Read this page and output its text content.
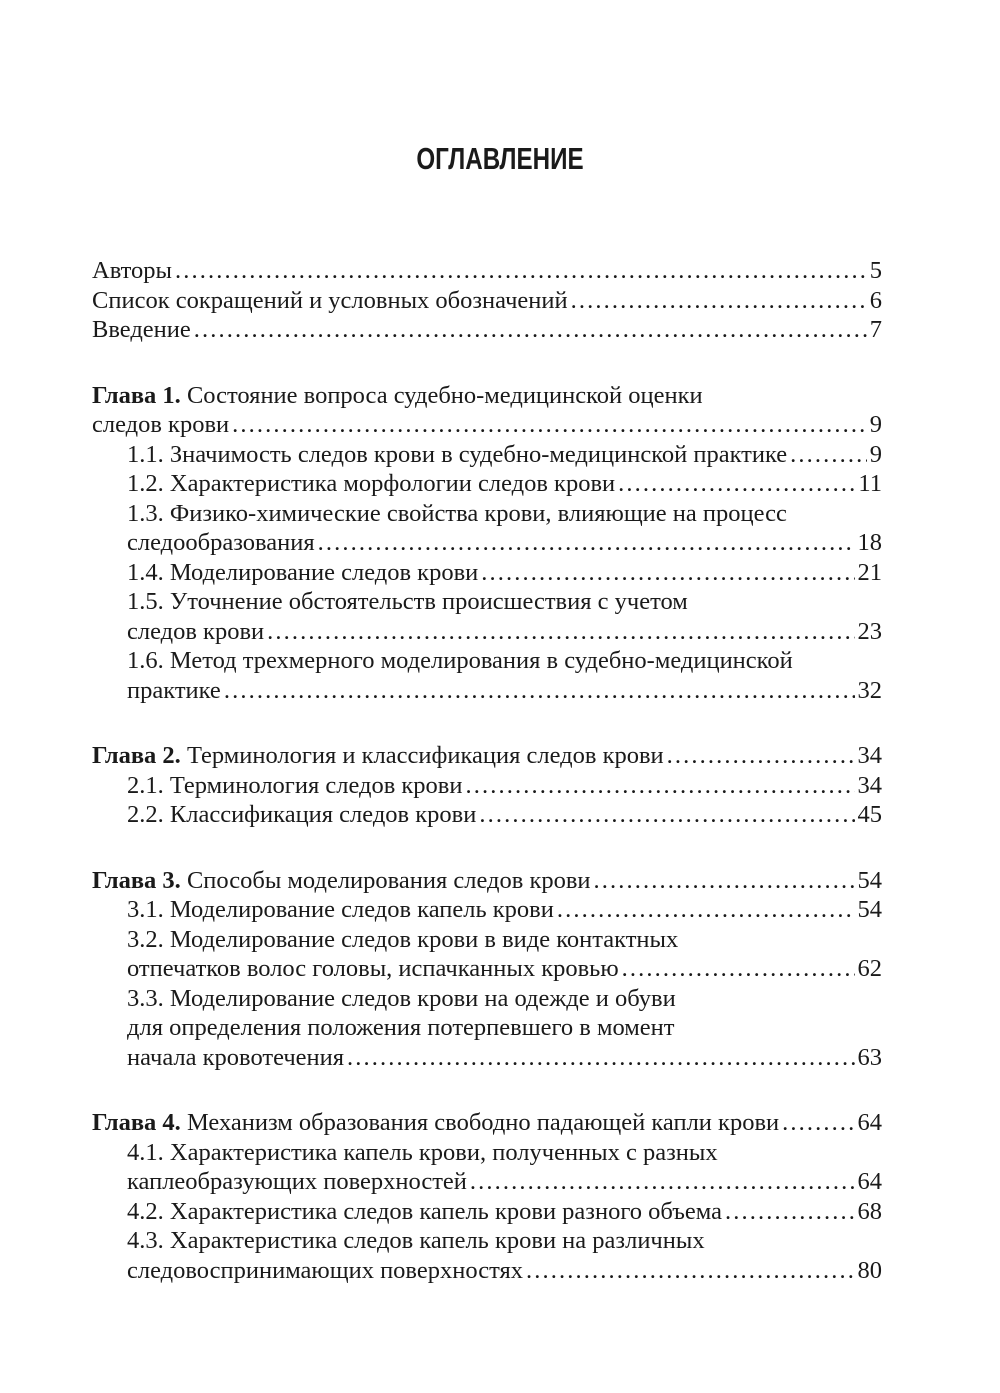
ОГЛАВЛЕНИЕ
Авторы . . .	5
Список сокращений и условных обозначений . . .	6
Введение . . .	7
Глава 1. Состояние вопроса судебно-медицинской оценки
следов крови . . .	9
1.1. Значимость следов крови в судебно-медицинской практике . . .	9
1.2. Характеристика морфологии следов крови . . .	11
1.3. Физико-химические свойства крови, влияющие на процесс
следообразования . . .	18
1.4. Моделирование следов крови . . .	21
1.5. Уточнение обстоятельств происшествия с учетом
следов крови . . .	23
1.6. Метод трехмерного моделирования в судебно-медицинской
практике . . .	32
Глава 2. Терминология и классификация следов крови . . .	34
2.1. Терминология следов крови . . .	34
2.2. Классификация следов крови . . .	45
Глава 3. Способы моделирования следов крови . . .	54
3.1. Моделирование следов капель крови . . .	54
3.2. Моделирование следов крови в виде контактных
отпечатков волос головы, испачканных кровью . . .	62
3.3. Моделирование следов крови на одежде и обуви
для определения положения потерпевшего в момент
начала кровотечения . . .	63
Глава 4. Механизм образования свободно падающей капли крови . . .	64
4.1. Характеристика капель крови, полученных с разных
каплеобразующих поверхностей . . .	64
4.2. Характеристика следов капель крови разного объема . . .	68
4.3. Характеристика следов капель крови на различных
следовоспринимающих поверхностях . . .	80
